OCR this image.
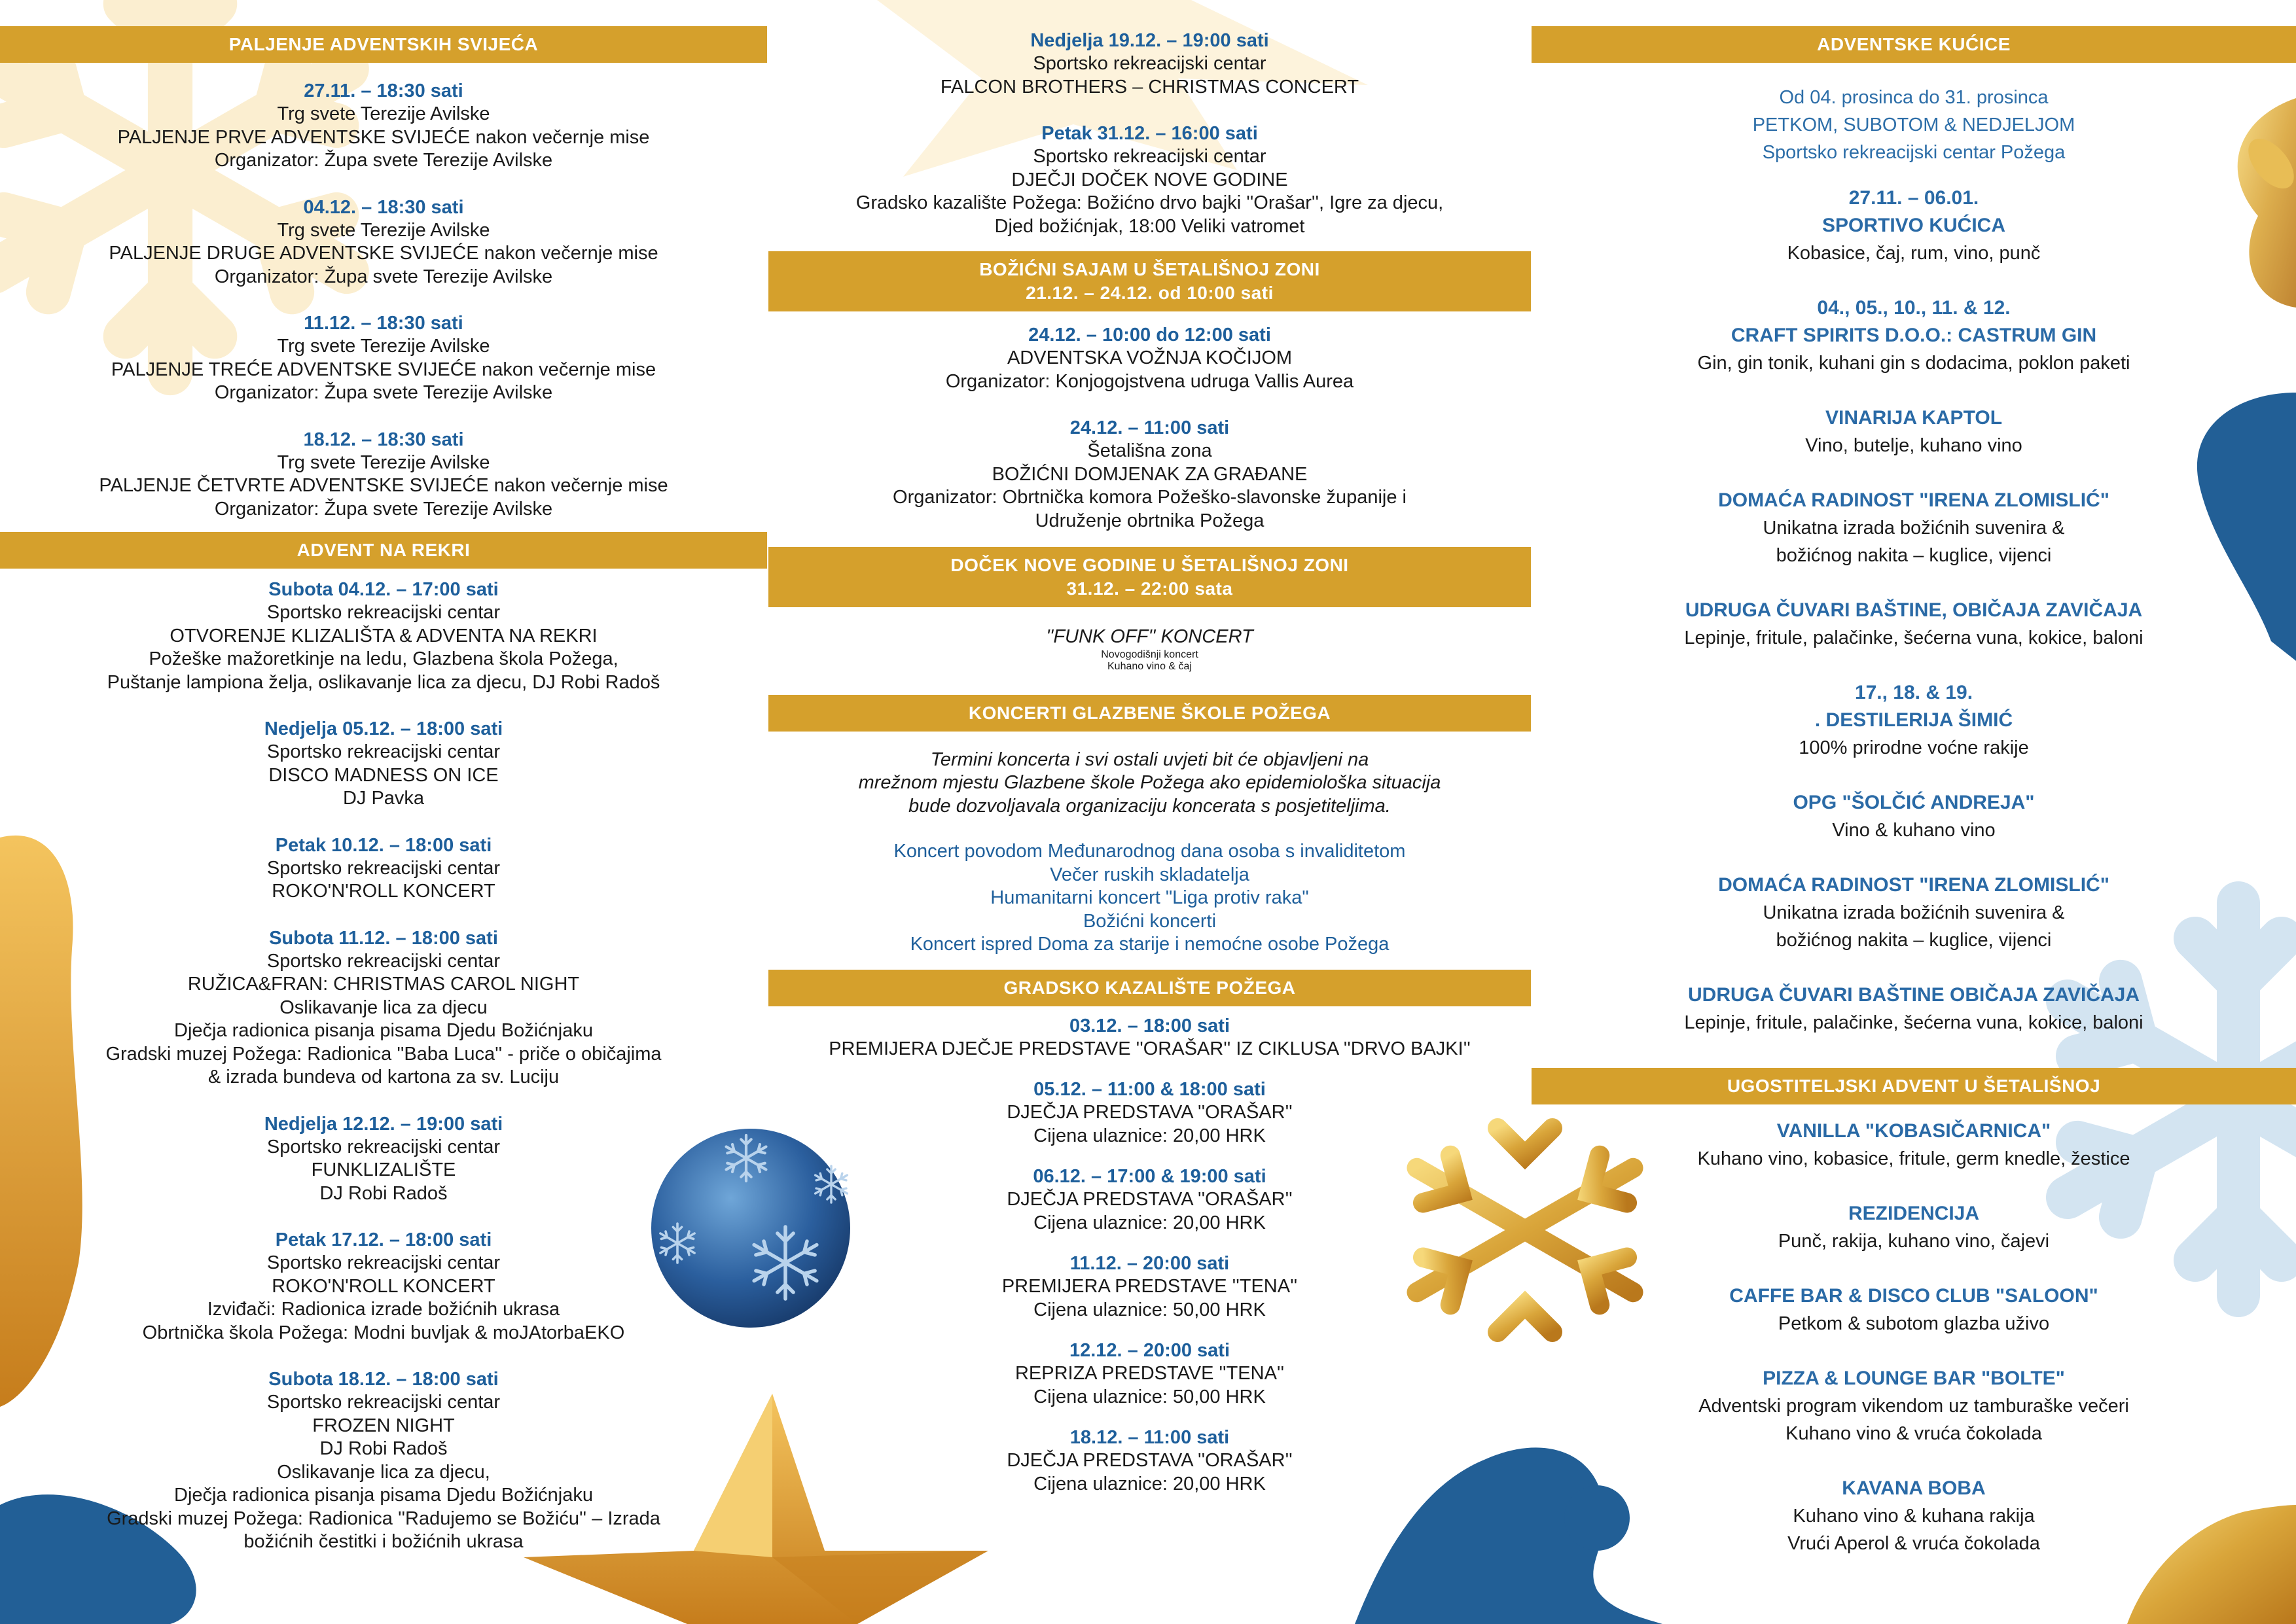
PALJENJE ADVENTSKIH SVIJEĆA
27.11. – 18:30 sati
Trg svete Terezije Avilske
PALJENJE PRVE ADVENTSKE SVIJEĆE nakon večernje mise
Organizator: Župa svete Terezije Avilske
04.12. – 18:30 sati
Trg svete Terezije Avilske
PALJENJE DRUGE ADVENTSKE SVIJEĆE nakon večernje mise
Organizator: Župa svete Terezije Avilske
11.12. – 18:30 sati
Trg svete Terezije Avilske
PALJENJE TREĆE ADVENTSKE SVIJEĆE nakon večernje mise
Organizator: Župa svete Terezije Avilske
18.12. – 18:30 sati
Trg svete Terezije Avilske
PALJENJE ČETVRTE ADVENTSKE SVIJEĆE nakon večernje mise
Organizator: Župa svete Terezije Avilske
ADVENT NA REKRI
Subota 04.12. – 17:00 sati
Sportsko rekreacijski centar
OTVORENJE KLIZALIŠTA & ADVENTA NA REKRI
Požeške mažoretkinje na ledu, Glazbena škola Požega,
Puštanje lampiona želja, oslikavanje lica za djecu, DJ Robi Radoš
Nedjelja 05.12. – 18:00 sati
Sportsko rekreacijski centar
DISCO MADNESS ON ICE
DJ Pavka
Petak 10.12. – 18:00 sati
Sportsko rekreacijski centar
ROKO'N'ROLL KONCERT
Subota 11.12. – 18:00 sati
Sportsko rekreacijski centar
RUŽICA&FRAN: CHRISTMAS CAROL NIGHT
Oslikavanje lica za djecu
Dječja radionica pisanja pisama Djedu Božićnjaku
Gradski muzej Požega: Radionica ''Baba Luca'' - priče o običajima
& izrada bundeva od kartona za sv. Luciju
Nedjelja 12.12. – 19:00 sati
Sportsko rekreacijski centar
FUNKLIZALIŠTE
DJ Robi Radoš
Petak 17.12. – 18:00 sati
Sportsko rekreacijski centar
ROKO'N'ROLL KONCERT
Izviđači: Radionica izrade božićnih ukrasa
Obrtnička škola Požega: Modni buvljak & moJAtorbaEKO
Subota 18.12. – 18:00 sati
Sportsko rekreacijski centar
FROZEN NIGHT
DJ Robi Radoš
Oslikavanje lica za djecu,
Dječja radionica pisanja pisama Djedu Božićnjaku
Gradski muzej Požega: Radionica ''Radujemo se Božiću'' – Izrada
božićnih čestitki i božićnih ukrasa
Nedjelja 19.12. – 19:00 sati
Sportsko rekreacijski centar
FALCON BROTHERS – CHRISTMAS CONCERT
Petak 31.12. – 16:00 sati
Sportsko rekreacijski centar
DJEČJI DOČEK NOVE GODINE
Gradsko kazalište Požega: Božićno drvo bajki ''Orašar'', Igre za djecu,
Djed božićnjak, 18:00 Veliki vatromet
BOŽIĆNI SAJAM U ŠETALIŠNOJ ZONI
21.12. – 24.12. od 10:00 sati
24.12. – 10:00 do 12:00 sati
ADVENTSKA VOŽNJA KOČIJOM
Organizator: Konjogojstvena udruga Vallis Aurea
24.12. – 11:00 sati
Šetališna zona
BOŽIĆNI DOMJENAK ZA GRAĐANE
Organizator: Obrtnička komora Požeško-slavonske županije i
Udruženje obrtnika Požega
DOČEK NOVE GODINE U ŠETALIŠNOJ ZONI
31.12. – 22:00 sata
''FUNK OFF'' KONCERT
Novogodišnji koncert
Kuhano vino & čaj
KONCERTI GLAZBENE ŠKOLE POŽEGA
Termini koncerta i svi ostali uvjeti bit će objavljeni na
mrežnom mjestu Glazbene škole Požega ako epidemiološka situacija
bude dozvoljavala organizaciju koncerata s posjetiteljima.
Koncert povodom Međunarodnog dana osoba s invaliditetom
Večer ruskih skladatelja
Humanitarni koncert "Liga protiv raka"
Božićni koncerti
Koncert ispred Doma za starije i nemoćne osobe Požega
GRADSKO KAZALIŠTE POŽEGA
03.12. – 18:00 sati
PREMIJERA DJEČJE PREDSTAVE ''ORAŠAR'' IZ CIKLUSA ''DRVO BAJKI''
05.12. – 11:00 & 18:00 sati
DJEČJA PREDSTAVA ''ORAŠAR''
Cijena ulaznice: 20,00 HRK
06.12. – 17:00 & 19:00 sati
DJEČJA PREDSTAVA ''ORAŠAR''
Cijena ulaznice: 20,00 HRK
11.12. – 20:00 sati
PREMIJERA PREDSTAVE ''TENA''
Cijena ulaznice: 50,00 HRK
12.12. – 20:00 sati
REPRIZA PREDSTAVE ''TENA''
Cijena ulaznice: 50,00 HRK
18.12. – 11:00 sati
DJEČJA PREDSTAVA ''ORAŠAR''
Cijena ulaznice: 20,00 HRK
ADVENTSKE KUĆICE
Od 04. prosinca do 31. prosinca
PETKOM, SUBOTOM & NEDJELJOM
Sportsko rekreacijski centar Požega
27.11. – 06.01.
SPORTIVO KUĆICA
Kobasice, čaj, rum, vino, punč
04., 05., 10., 11. & 12.
CRAFT SPIRITS D.O.O.: CASTRUM GIN
Gin, gin tonik, kuhani gin s dodacima, poklon paketi
VINARIJA KAPTOL
Vino, butelje, kuhano vino
DOMAĆA RADINOST "IRENA ZLOMISLIĆ"
Unikatna izrada božićnih suvenira &
božićnog nakita – kuglice, vijenci
UDRUGA ČUVARI BAŠTINE, OBIČAJA ZAVIČAJA
Lepinje, fritule, palačinke, šećerna vuna, kokice, baloni
17., 18. & 19.
. DESTILERIJA ŠIMIĆ
100% prirodne voćne rakije
OPG "ŠOLČIĆ ANDREJA"
Vino & kuhano vino
DOMAĆA RADINOST "IRENA ZLOMISLIĆ"
Unikatna izrada božićnih suvenira &
božićnog nakita – kuglice, vijenci
UDRUGA ČUVARI BAŠTINE OBIČAJA ZAVIČAJA
Lepinje, fritule, palačinke, šećerna vuna, kokice, baloni
UGOSTITELJSKI ADVENT U ŠETALIŠNOJ
VANILLA "KOBASIČARNICA"
Kuhano vino, kobasice, fritule, germ knedle, žestice
REZIDENCIJA
Punč, rakija, kuhano vino, čajevi
CAFFE BAR & DISCO CLUB "SALOON"
Petkom & subotom glazba uživo
PIZZA & LOUNGE BAR "BOLTE"
Adventski program vikendom uz tamburaške večeri
Kuhano vino & vruća čokolada
KAVANA BOBA
Kuhano vino & kuhana rakija
Vrući Aperol & vruća čokolada
